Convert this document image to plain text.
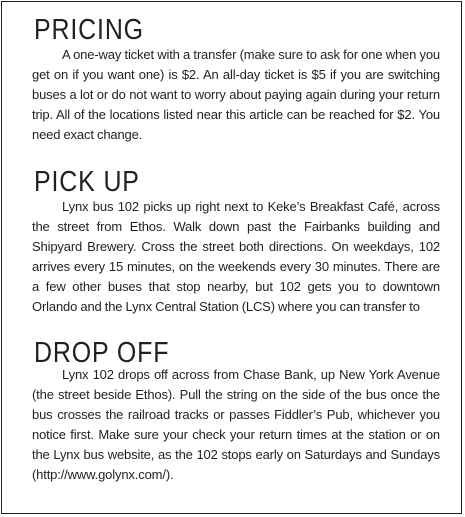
PRICING

A one-way ticket with a transfer (make sure to ask for one when you get on if you want one) is $2. An all-day ticket is $5 if you are switching buses a lot or do not want to worry about paying again during your return trip. All of the locations listed near this article can be reached for $2. You need exact change.

PICK UP

Lynx bus 102 picks up right next to Keke’s Breakfast Café, across the street from Ethos. Walk down past the Fairbanks building and Shipyard Brewery. Cross the street both directions. On weekdays, 102 arrives every 15 minutes, on the weekends every 30 minutes. There are a few other buses that stop nearby, but 102 gets you to downtown Orlando and the Lynx Central Station (LCS) where you can transfer to

DROP OFF

Lynx 102 drops off across from Chase Bank, up New York Avenue (the street beside Ethos). Pull the string on the side of the bus once the bus crosses the railroad tracks or passes Fiddler’s Pub, whichever you notice first. Make sure your check your return times at the station or on the Lynx bus website, as the 102 stops early on Saturdays and Sundays (http://www.golynx.com/).
